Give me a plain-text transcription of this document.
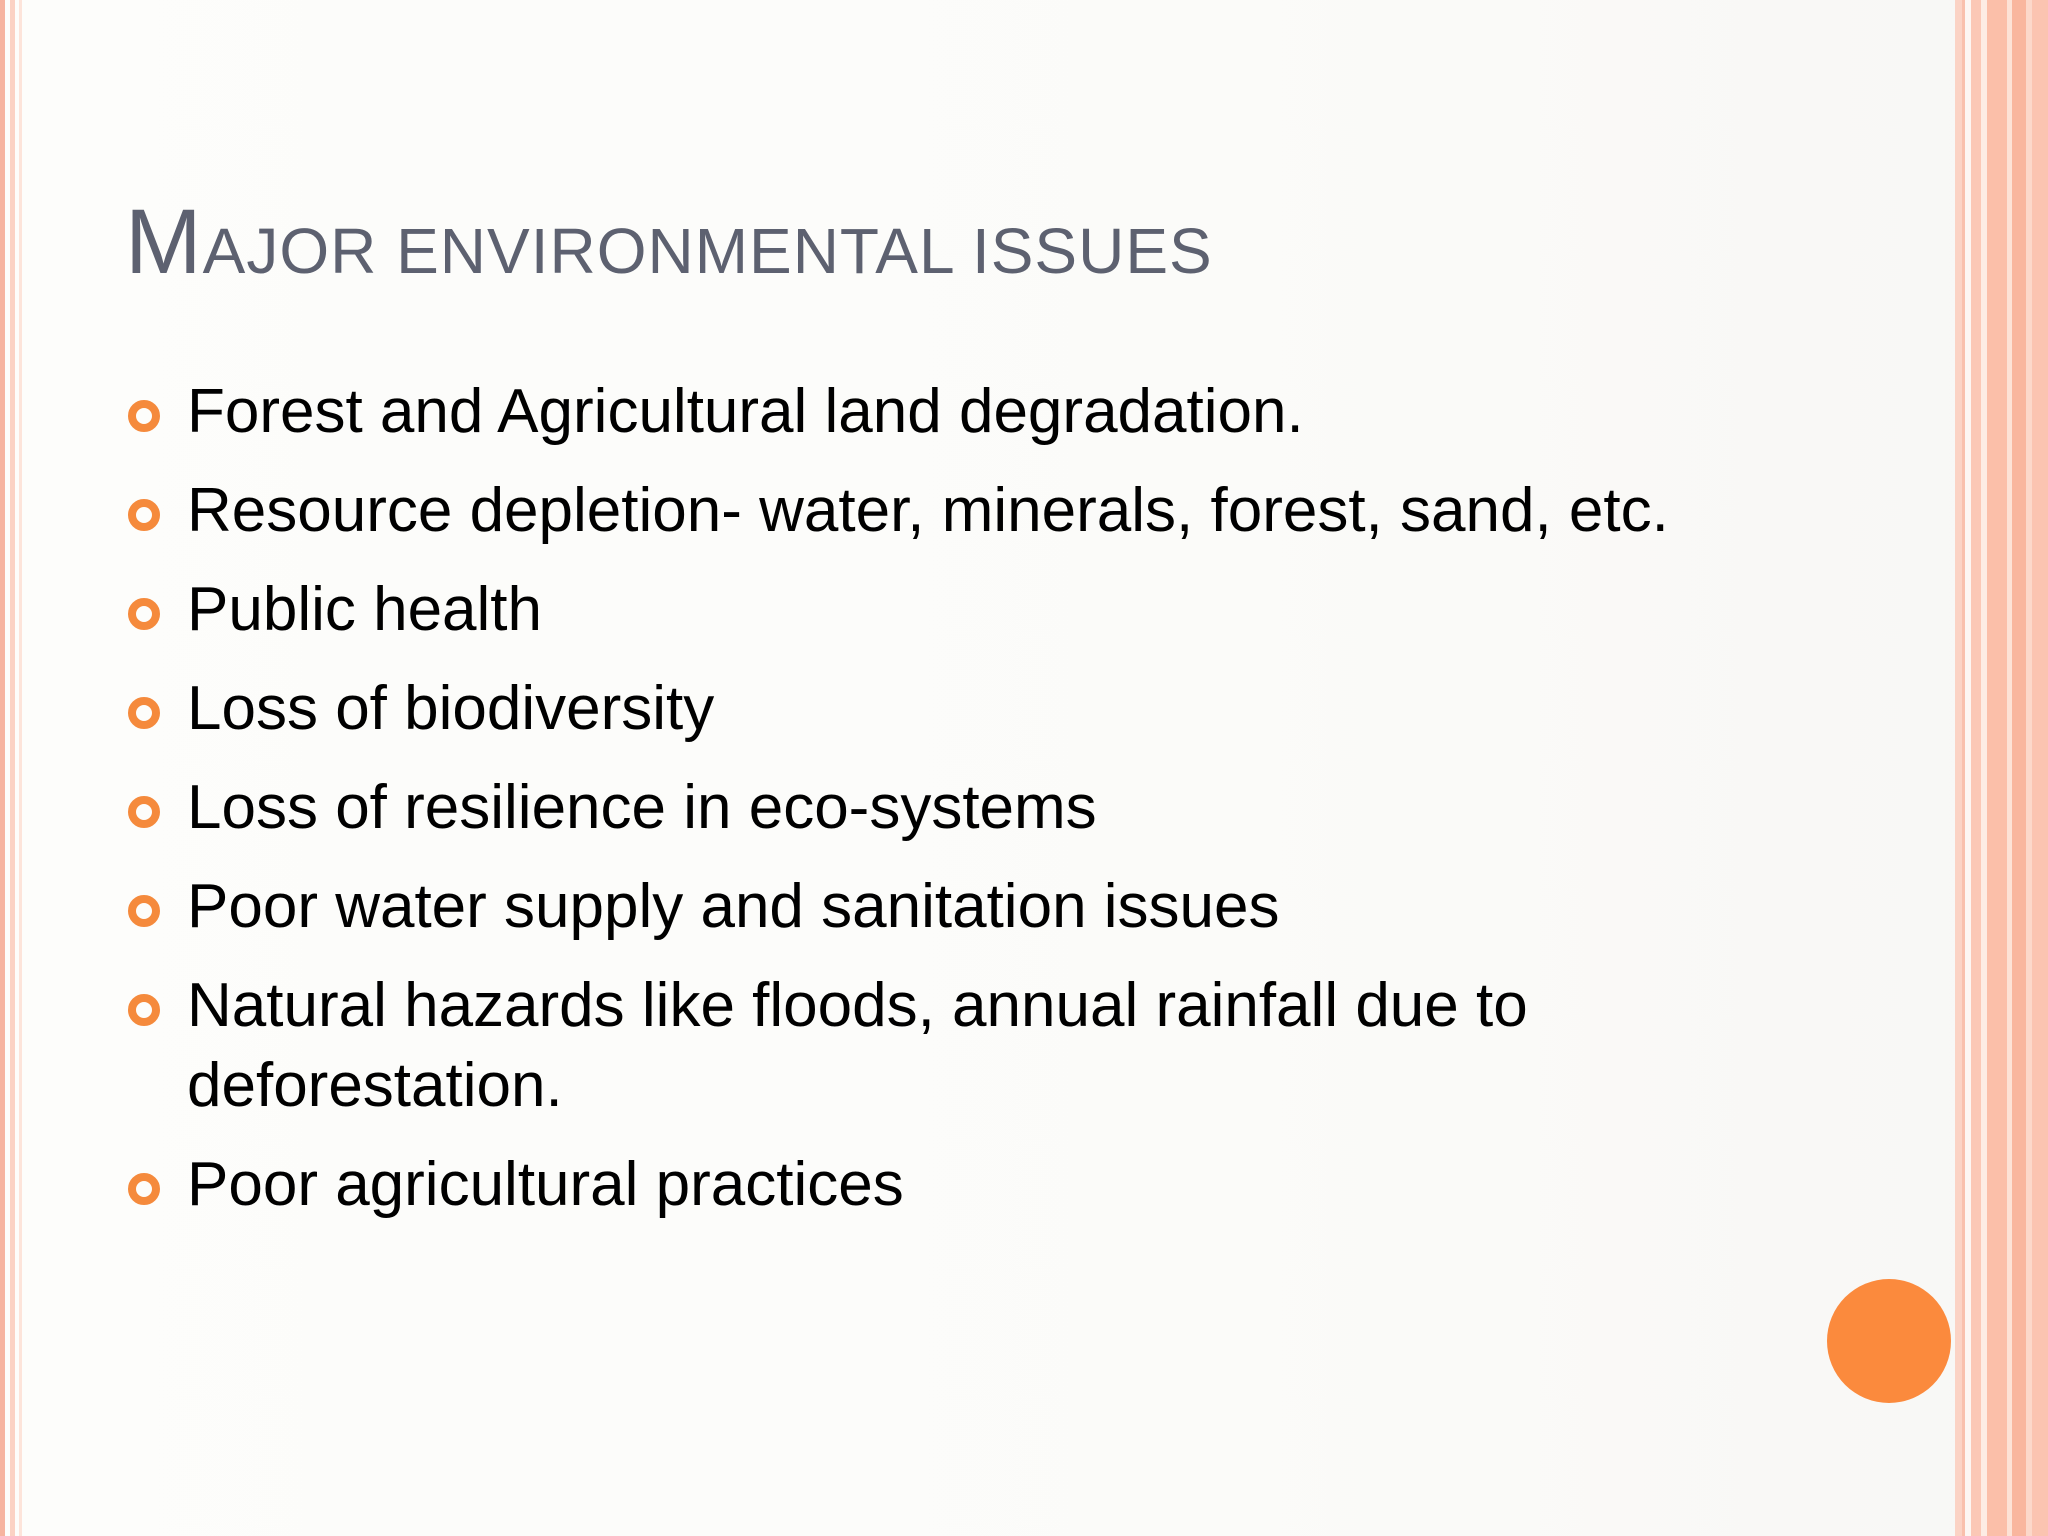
MAJOR ENVIRONMENTAL ISSUES
Forest and Agricultural land degradation.
Resource depletion- water, minerals, forest, sand, etc.
Public health
Loss of biodiversity
Loss of resilience in eco-systems
Poor water supply and sanitation issues
Natural hazards like floods, annual rainfall due to deforestation.
Poor agricultural practices
